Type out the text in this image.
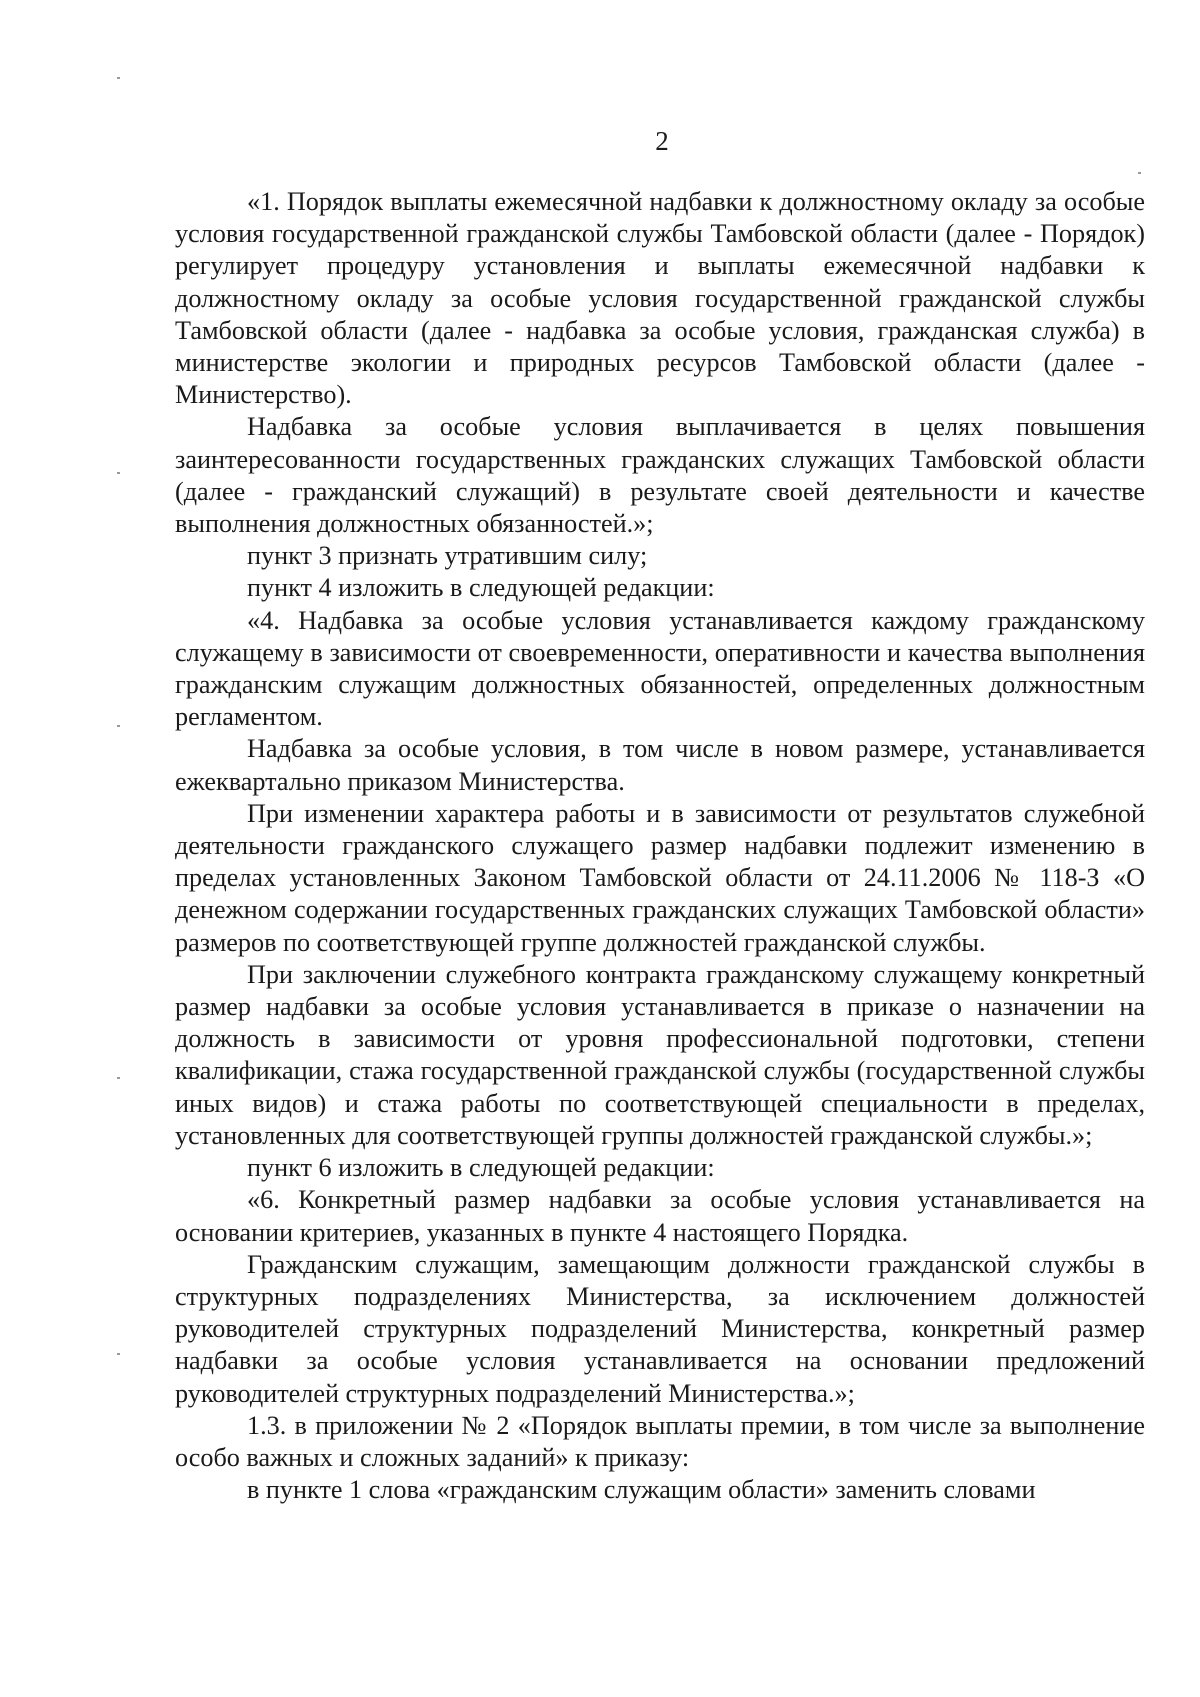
2

«1. Порядок выплаты ежемесячной надбавки к должностному окладу за особые условия государственной гражданской службы Тамбовской области (далее - Порядок) регулирует процедуру установления и выплаты ежемесячной надбавки к должностному окладу за особые условия государственной гражданской службы Тамбовской области (далее - надбавка за особые условия, гражданская служба) в министерстве экологии и природных ресурсов Тамбовской области (далее - Министерство).

Надбавка за особые условия выплачивается в целях повышения заинтересованности государственных гражданских служащих Тамбовской области (далее - гражданский служащий) в результате своей деятельности и качестве выполнения должностных обязанностей.»;

пункт 3 признать утратившим силу;

пункт 4 изложить в следующей редакции:

«4. Надбавка за особые условия устанавливается каждому гражданскому служащему в зависимости от своевременности, оперативности и качества выполнения гражданским служащим должностных обязанностей, определенных должностным регламентом.

Надбавка за особые условия, в том числе в новом размере, устанавливается ежеквартально приказом Министерства.

При изменении характера работы и в зависимости от результатов служебной деятельности гражданского служащего размер надбавки подлежит изменению в пределах установленных Законом Тамбовской области от 24.11.2006 № 118-З «О денежном содержании государственных гражданских служащих Тамбовской области» размеров по соответствующей группе должностей гражданской службы.

При заключении служебного контракта гражданскому служащему конкретный размер надбавки за особые условия устанавливается в приказе о назначении на должность в зависимости от уровня профессиональной подготовки, степени квалификации, стажа государственной гражданской службы (государственной службы иных видов) и стажа работы по соответствующей специальности в пределах, установленных для соответствующей группы должностей гражданской службы.»;

пункт 6 изложить в следующей редакции:

«6. Конкретный размер надбавки за особые условия устанавливается на основании критериев, указанных в пункте 4 настоящего Порядка.

Гражданским служащим, замещающим должности гражданской службы в структурных подразделениях Министерства, за исключением должностей руководителей структурных подразделений Министерства, конкретный размер надбавки за особые условия устанавливается на основании предложений руководителей структурных подразделений Министерства.»;

1.3. в приложении № 2 «Порядок выплаты премии, в том числе за выполнение особо важных и сложных заданий» к приказу:

в пункте 1 слова «гражданским служащим области» заменить словами
